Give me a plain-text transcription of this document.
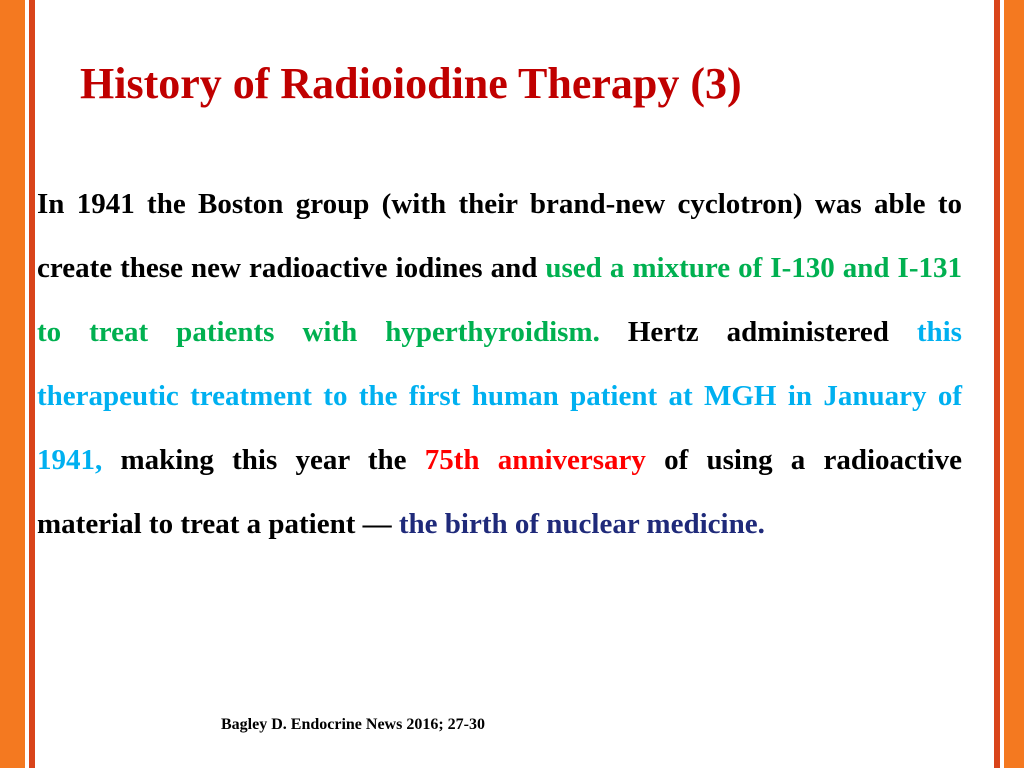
History of Radioiodine Therapy (3)

In 1941 the Boston group (with their brand-new cyclotron) was able to create these new radioactive iodines and used a mixture of I-130 and I-131 to treat patients with hyperthyroidism. Hertz administered this therapeutic treatment to the first human patient at MGH in January of 1941, making this year the 75th anniversary of using a radioactive material to treat a patient — the birth of nuclear medicine.

Bagley D. Endocrine News 2016; 27-30
